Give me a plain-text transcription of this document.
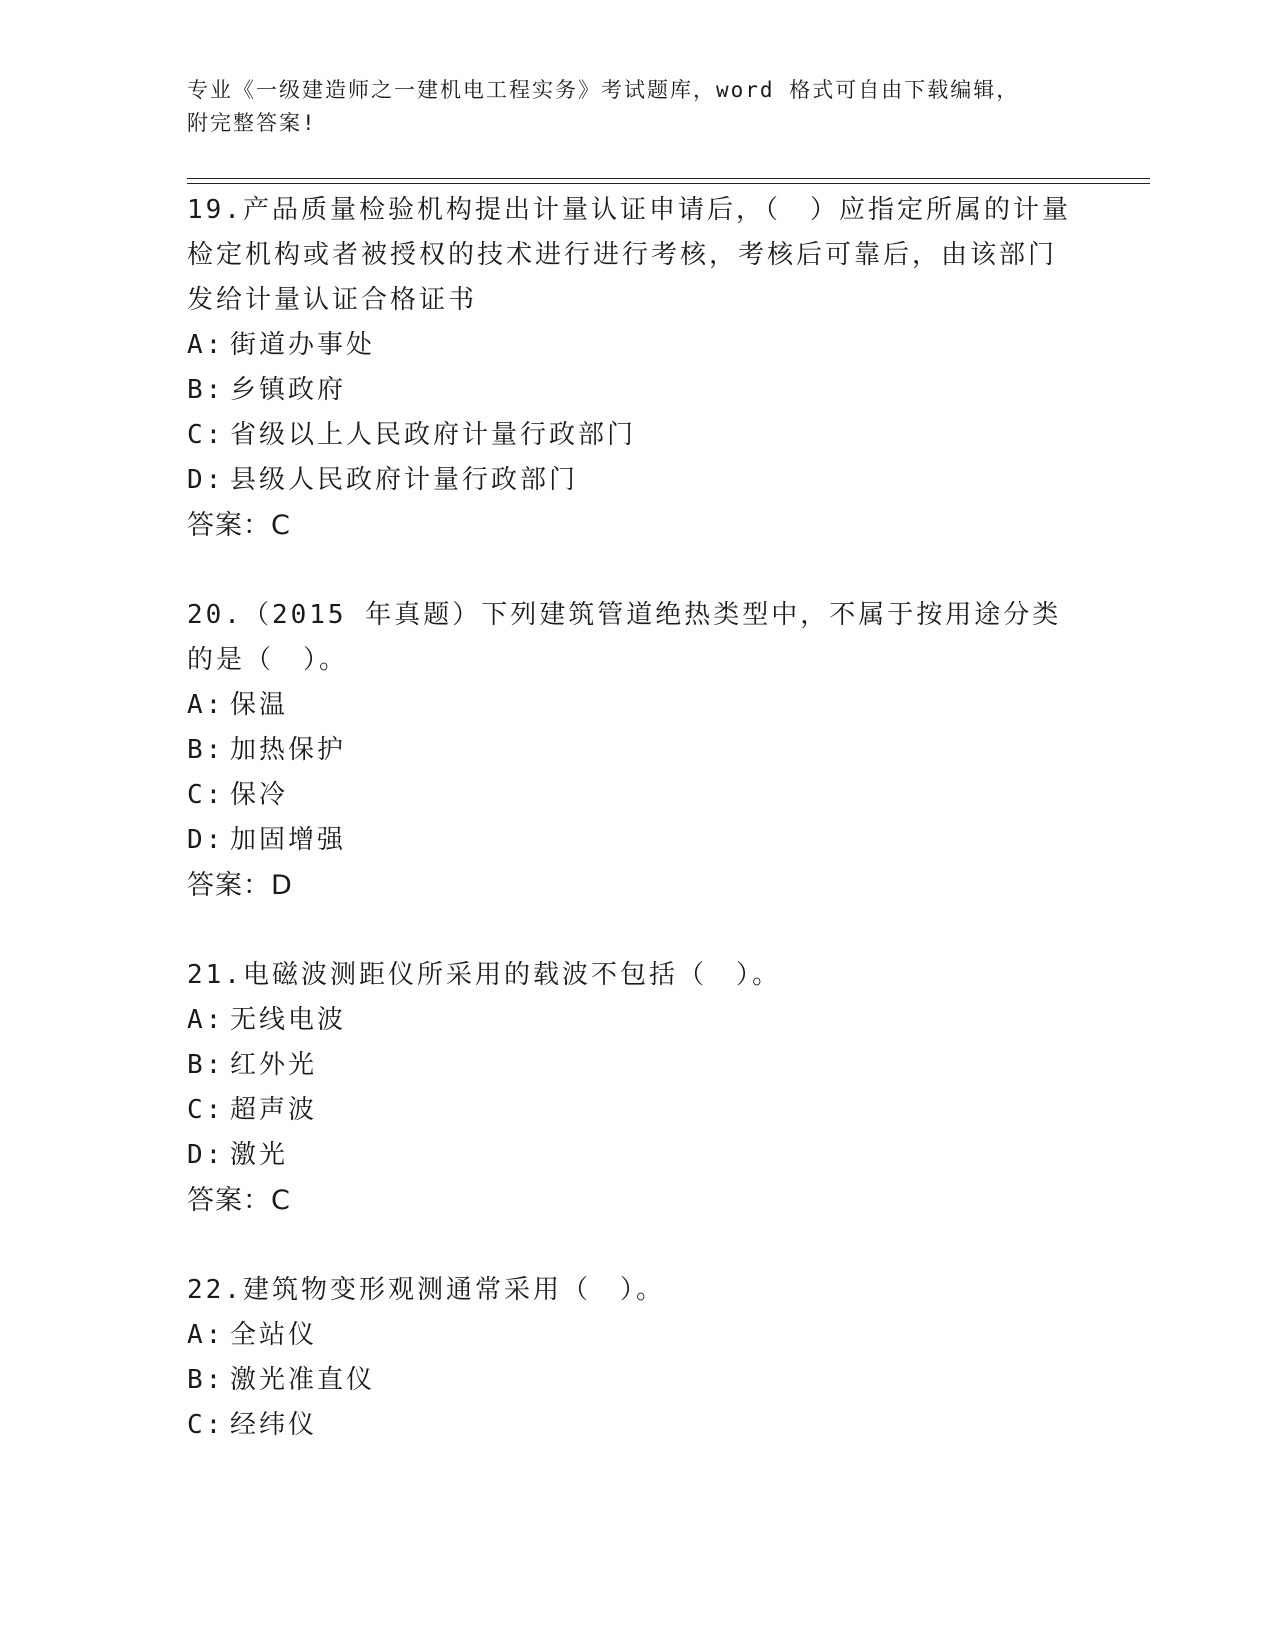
专业《一级建造师之一建机电工程实务》考试题库，word 格式可自由下载编辑，
附完整答案!
19.产品质量检验机构提出计量认证申请后，（　）应指定所属的计量检定机构或者被授权的技术进行进行考核，考核后可靠后，由该部门发给计量认证合格证书
A: 街道办事处
B: 乡镇政府
C: 省级以上人民政府计量行政部门
D: 县级人民政府计量行政部门
答案：C
20.（2015 年真题）下列建筑管道绝热类型中，不属于按用途分类的是（　）。
A: 保温
B: 加热保护
C: 保冷
D: 加固增强
答案：D
21.电磁波测距仪所采用的载波不包括（　）。
A: 无线电波
B: 红外光
C: 超声波
D: 激光
答案：C
22.建筑物变形观测通常采用（　）。
A: 全站仪
B: 激光准直仪
C: 经纬仪
